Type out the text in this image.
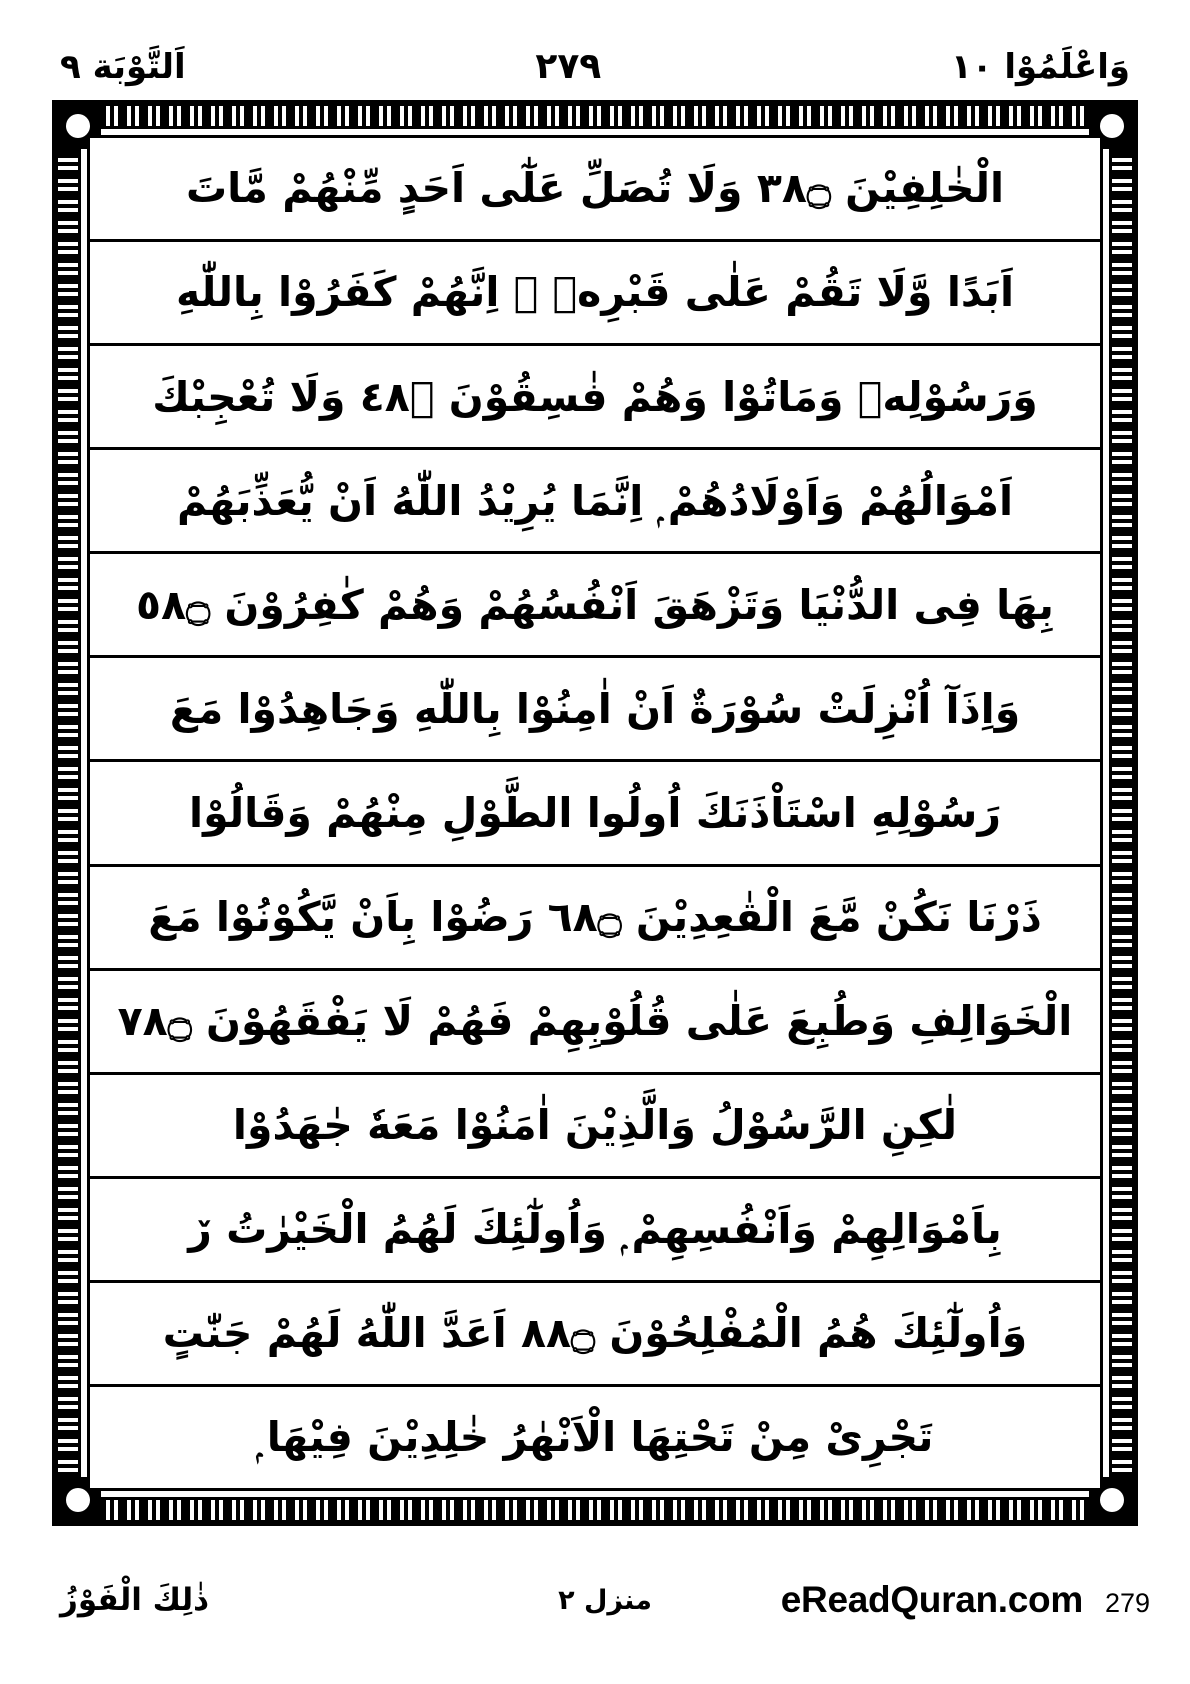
وَاعْلَمُوْا ١٠
٢٧٩
اَلتَّوْبَة ٩
الْخٰلِفِيْنَ ۝٨٣ وَلَا تُصَلِّ عَلٰٓى اَحَدٍ مِّنْهُمْ مَّاتَ
اَبَدًا وَّلَا تَقُمْ عَلٰى قَبْرِهٖ ۭ اِنَّهُمْ كَفَرُوْا بِاللّٰهِ
وَرَسُوْلِهٖ وَمَاتُوْا وَهُمْ فٰسِقُوْنَ ۝٨٤ وَلَا تُعْجِبْكَ
اَمْوَالُهُمْ وَاَوْلَادُهُمْ ۭ اِنَّمَا يُرِيْدُ اللّٰهُ اَنْ يُّعَذِّبَهُمْ
بِهَا فِى الدُّنْيَا وَتَزْهَقَ اَنْفُسُهُمْ وَهُمْ كٰفِرُوْنَ ۝٨٥
وَاِذَآ اُنْزِلَتْ سُوْرَةٌ اَنْ اٰمِنُوْا بِاللّٰهِ وَجَاهِدُوْا مَعَ
رَسُوْلِهِ اسْتَاْذَنَكَ اُولُوا الطَّوْلِ مِنْهُمْ وَقَالُوْا
ذَرْنَا نَكُنْ مَّعَ الْقٰعِدِيْنَ ۝٨٦ رَضُوْا بِاَنْ يَّكُوْنُوْا مَعَ
الْخَوَالِفِ وَطُبِعَ عَلٰى قُلُوْبِهِمْ فَهُمْ لَا يَفْقَهُوْنَ ۝٨٧
لٰكِنِ الرَّسُوْلُ وَالَّذِيْنَ اٰمَنُوْا مَعَهٗ جٰهَدُوْا
بِاَمْوَالِهِمْ وَاَنْفُسِهِمْ ۭ وَاُولٰٓئِكَ لَهُمُ الْخَيْرٰتُ ڒ
وَاُولٰٓئِكَ هُمُ الْمُفْلِحُوْنَ ۝٨٨ اَعَدَّ اللّٰهُ لَهُمْ جَنّٰتٍ
تَجْرِىْ مِنْ تَحْتِهَا الْاَنْهٰرُ خٰلِدِيْنَ فِيْهَا ۭ
ذٰلِكَ الْفَوْزُ	منزل ٢	eReadQuran.com 279
